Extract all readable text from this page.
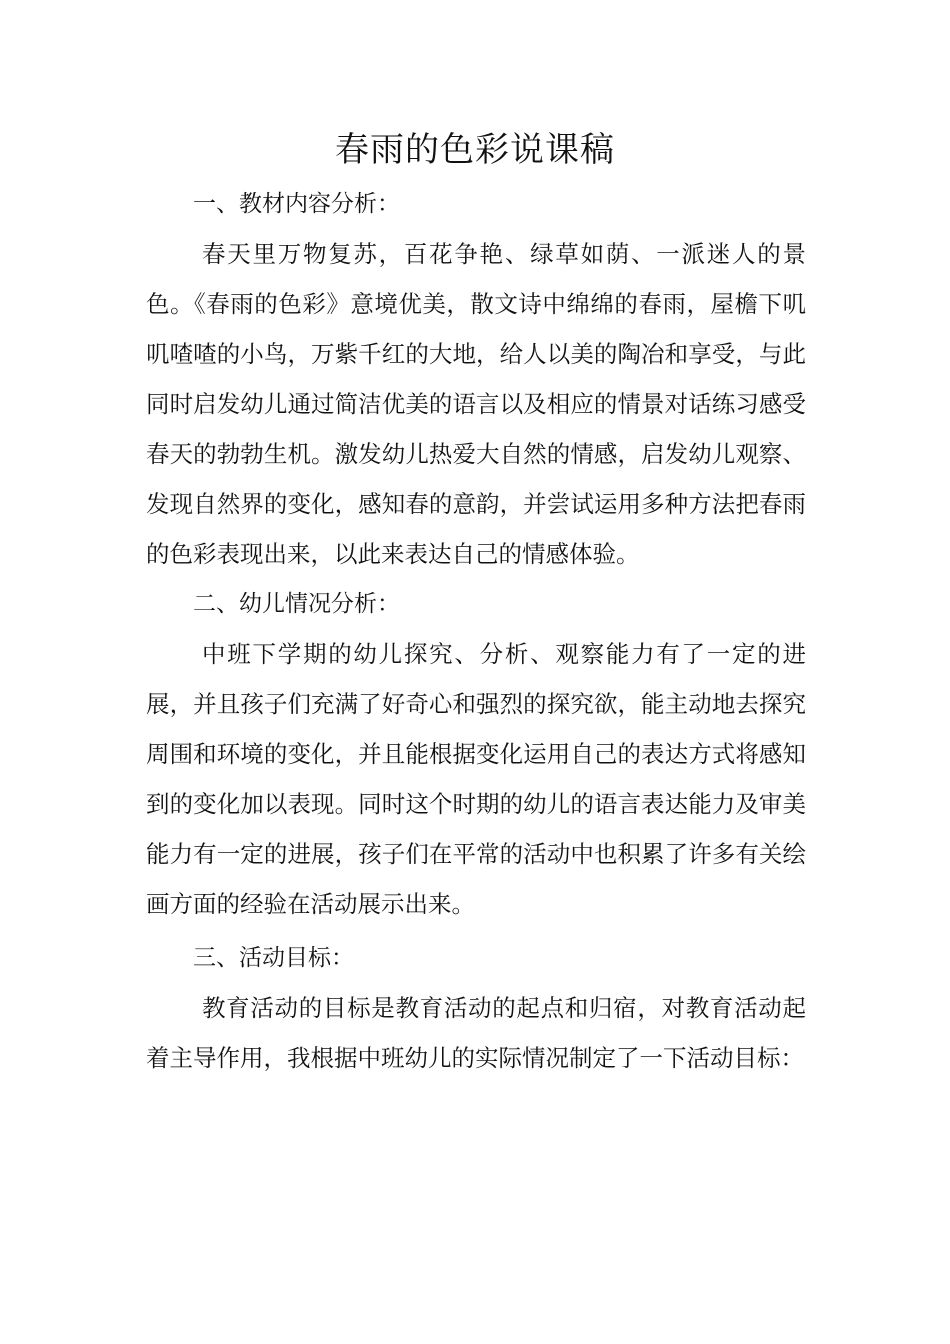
春雨的色彩说课稿

一、教材内容分析：

春天里万物复苏，百花争艳、绿草如荫、一派迷人的景色。《春雨的色彩》意境优美，散文诗中绵绵的春雨，屋檐下叽叽喳喳的小鸟，万紫千红的大地，给人以美的陶冶和享受，与此同时启发幼儿通过简洁优美的语言以及相应的情景对话练习感受春天的勃勃生机。激发幼儿热爱大自然的情感，启发幼儿观察、发现自然界的变化，感知春的意韵，并尝试运用多种方法把春雨的色彩表现出来，以此来表达自己的情感体验。

二、幼儿情况分析：

中班下学期的幼儿探究、分析、观察能力有了一定的进展，并且孩子们充满了好奇心和强烈的探究欲，能主动地去探究周围和环境的变化，并且能根据变化运用自己的表达方式将感知到的变化加以表现。同时这个时期的幼儿的语言表达能力及审美能力有一定的进展，孩子们在平常的活动中也积累了许多有关绘画方面的经验在活动展示出来。

三、活动目标：

教育活动的目标是教育活动的起点和归宿，对教育活动起着主导作用，我根据中班幼儿的实际情况制定了一下活动目标：
